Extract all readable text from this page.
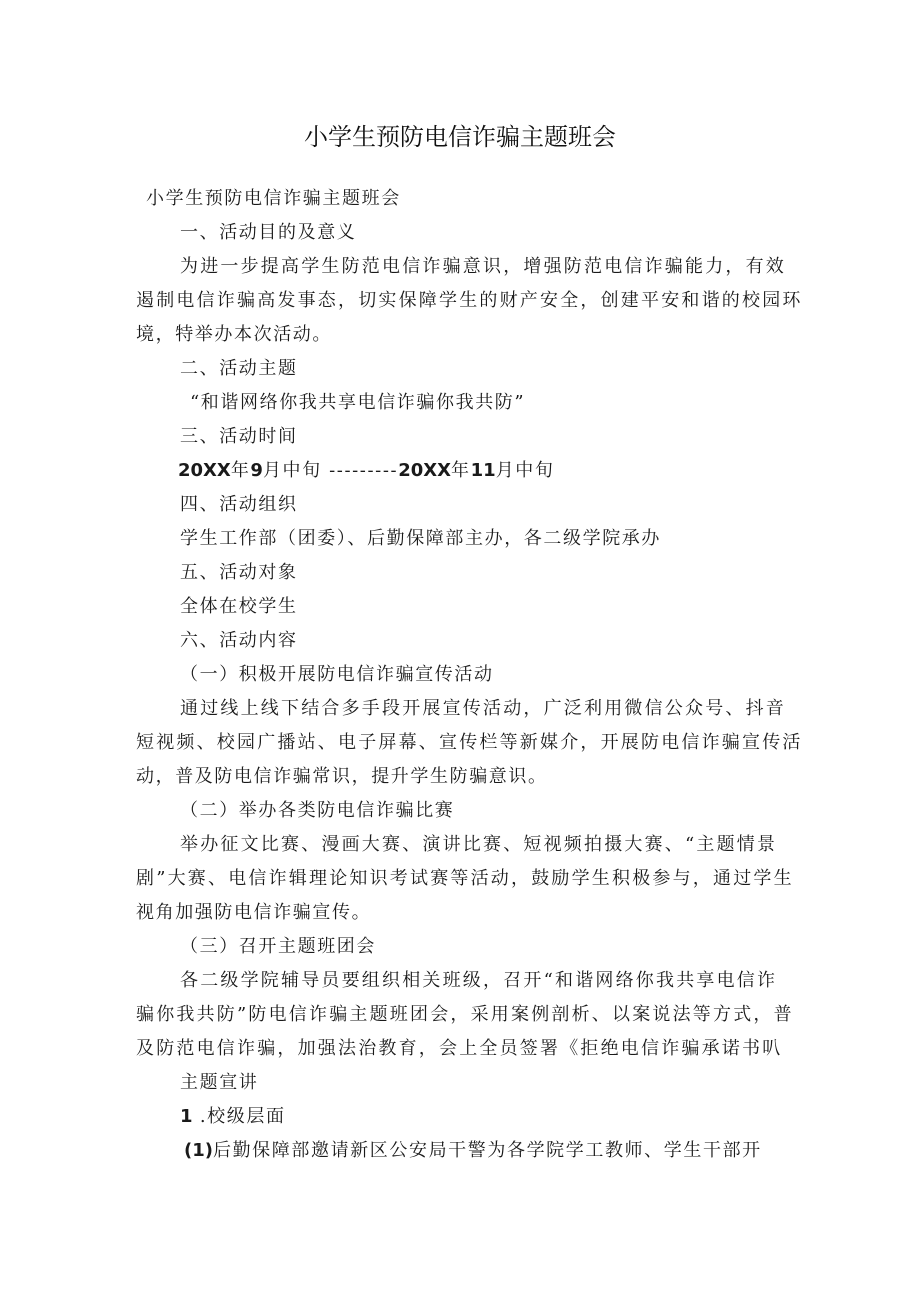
小学生预防电信诈骗主题班会
小学生预防电信诈骗主题班会
一、活动目的及意义
为进一步提高学生防范电信诈骗意识，增强防范电信诈骗能力，有效
遏制电信诈骗高发事态，切实保障学生的财产安全，创建平安和谐的校园环
境，特举办本次活动。
二、活动主题
“和谐网络你我共享电信诈骗你我共防”
三、活动时间
20XX年9月中旬 ---------20XX年11月中旬
四、活动组织
学生工作部（团委）、后勤保障部主办，各二级学院承办
五、活动对象
全体在校学生
六、活动内容
（一）积极开展防电信诈骗宣传活动
通过线上线下结合多手段开展宣传活动，广泛利用微信公众号、抖音
短视频、校园广播站、电子屏幕、宣传栏等新媒介，开展防电信诈骗宣传活
动，普及防电信诈骗常识，提升学生防骗意识。
（二）举办各类防电信诈骗比赛
举办征文比赛、漫画大赛、演讲比赛、短视频拍摄大赛、“主题情景
剧”大赛、电信诈辑理论知识考试赛等活动，鼓励学生积极参与，通过学生
视角加强防电信诈骗宣传。
（三）召开主题班团会
各二级学院辅导员要组织相关班级，召开“和谐网络你我共享电信诈
骗你我共防”防电信诈骗主题班团会，采用案例剖析、以案说法等方式，普
及防范电信诈骗，加强法治教育，会上全员签署《拒绝电信诈骗承诺书叭
主题宣讲
1 .校级层面
(1)后勤保障部邀请新区公安局干警为各学院学工教师、学生干部开
